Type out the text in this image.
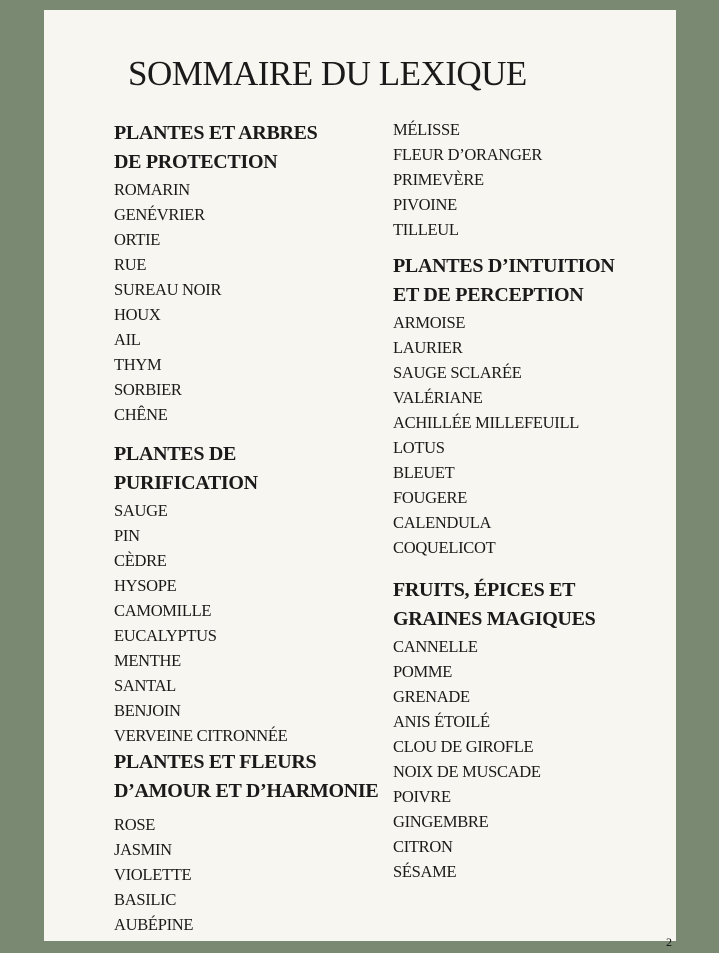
SOMMAIRE DU LEXIQUE
PLANTES ET ARBRES
DE PROTECTION
ROMARIN
GENÉVRIER
ORTIE
RUE
SUREAU NOIR
HOUX
AIL
THYM
SORBIER
CHÊNE
PLANTES DE
PURIFICATION
SAUGE
PIN
CÈDRE
HYSOPE
CAMOMILLE
EUCALYPTUS
MENTHE
SANTAL
BENJOIN
VERVEINE CITRONNÉE
PLANTES ET FLEURS
D’AMOUR ET D’HARMONIE
ROSE
JASMIN
VIOLETTE
BASILIC
AUBÉPINE
MÉLISSE
FLEUR D’ORANGER
PRIMEVÈRE
PIVOINE
TILLEUL
PLANTES D’INTUITION
ET DE PERCEPTION
ARMOISE
LAURIER
SAUGE SCLARÉE
VALÉRIANE
ACHILLÉE MILLEFEUILL
LOTUS
BLEUET
FOUGERE
CALENDULA
COQUELICOT
FRUITS, ÉPICES ET
GRAINES MAGIQUES
CANNELLE
POMME
GRENADE
ANIS ÉTOILÉ
CLOU DE GIROFLE
NOIX DE MUSCADE
POIVRE
GINGEMBRE
CITRON
SÉSAME
2
